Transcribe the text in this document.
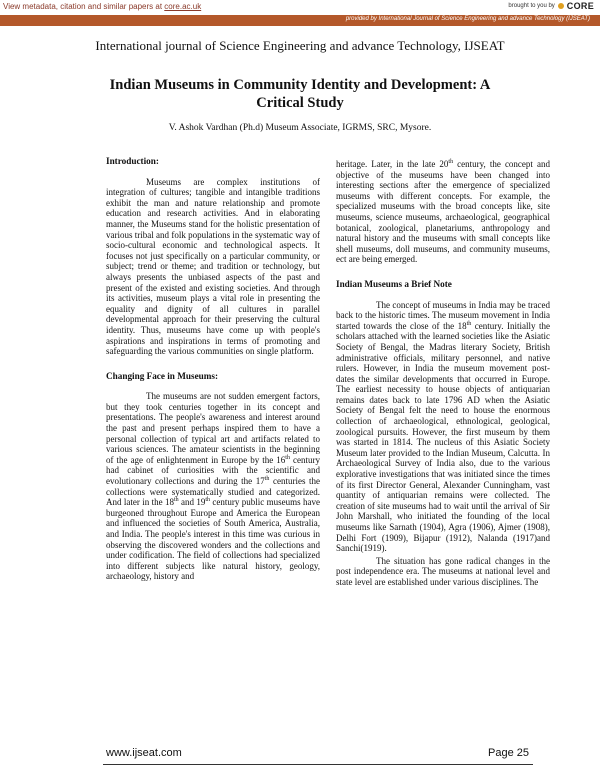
View metadata, citation and similar papers at core.ac.uk	brought to you by CORE
provided by International Journal of Science Engineering and advance Technology (IJSEAT)
International journal of Science Engineering and advance Technology, IJSEAT
Indian Museums in Community Identity and Development: A Critical Study
V. Ashok Vardhan (Ph.d) Museum Associate, IGRMS, SRC, Mysore.
Introduction:

Museums are complex institutions of integration of cultures; tangible and intangible traditions exhibit the man and nature relationship and promote education and research activities. And in elaborating manner, the Museums stand for the holistic presentation of various tribal and folk populations in the systematic way of socio-cultural economic and technological aspects. It focuses not just specifically on a particular community, or subject; trend or theme; and tradition or technology, but always presents the unbiased aspects of the past and present of the existed and existing societies. And through its activities, museum plays a vital role in presenting the equality and dignity of all cultures in parallel developmental approach for their preserving the cultural identity. Thus, museums have come up with people's aspirations and inspirations in terms of promoting and safeguarding the various communities on single platform.

Changing Face in Museums:

The museums are not sudden emergent factors, but they took centuries together in its concept and presentations. The people's awareness and interest around the past and present perhaps inspired them to have a personal collection of typical art and artifacts related to various sciences. The amateur scientists in the beginning of the age of enlightenment in Europe by the 16th century had cabinet of curiosities with the scientific and evolutionary collections and during the 17th centuries the collections were systematically studied and categorized. And later in the 18th and 19th century public museums have burgeoned throughout Europe and America the European and influenced the societies of South America, Australia, and India. The people's interest in this time was curious in observing the discovered wonders and the collections and under codification. The field of collections had specialized into different subjects like natural history, geology, archaeology, history and

heritage. Later, in the late 20th century, the concept and objective of the museums have been changed into interesting sections after the emergence of specialized museums with different concepts. For example, the specialized museums with the broad concepts like, site museums, science museums, archaeological, geographical botanical, zoological, planetariums, anthropology and natural history and the museums with small concepts like shell museums, doll museums, and community museums, ect are being emerged.

Indian Museums a Brief Note

The concept of museums in India may be traced back to the historic times. The museum movement in India started towards the close of the 18th century. Initially the scholars attached with the learned societies like the Asiatic Society of Bengal, the Madras literary Society, British administrative officials, military personnel, and native rulers. However, in India the museum movement post-dates the similar developments that occurred in Europe. The earliest necessity to house objects of antiquarian remains dates back to late 1796 AD when the Asiatic Society of Bengal felt the need to house the enormous collection of archaeological, ethnological, geological, zoological pursuits. However, the first museum by them was started in 1814. The nucleus of this Asiatic Society Museum later provided to the Indian Museum, Calcutta. In Archaeological Survey of India also, due to the various explorative investigations that was initiated since the times of its first Director General, Alexander Cunningham, vast quantity of antiquarian remains were collected. The creation of site museums had to wait until the arrival of Sir John Marshall, who initiated the founding of the local museums like Sarnath (1904), Agra (1906), Ajmer (1908), Delhi Fort (1909), Bijapur (1912), Nalanda (1917)and Sanchi(1919).

The situation has gone radical changes in the post independence era. The museums at national level and state level are established under various disciplines. The

www.ijseat.com	Page 25
